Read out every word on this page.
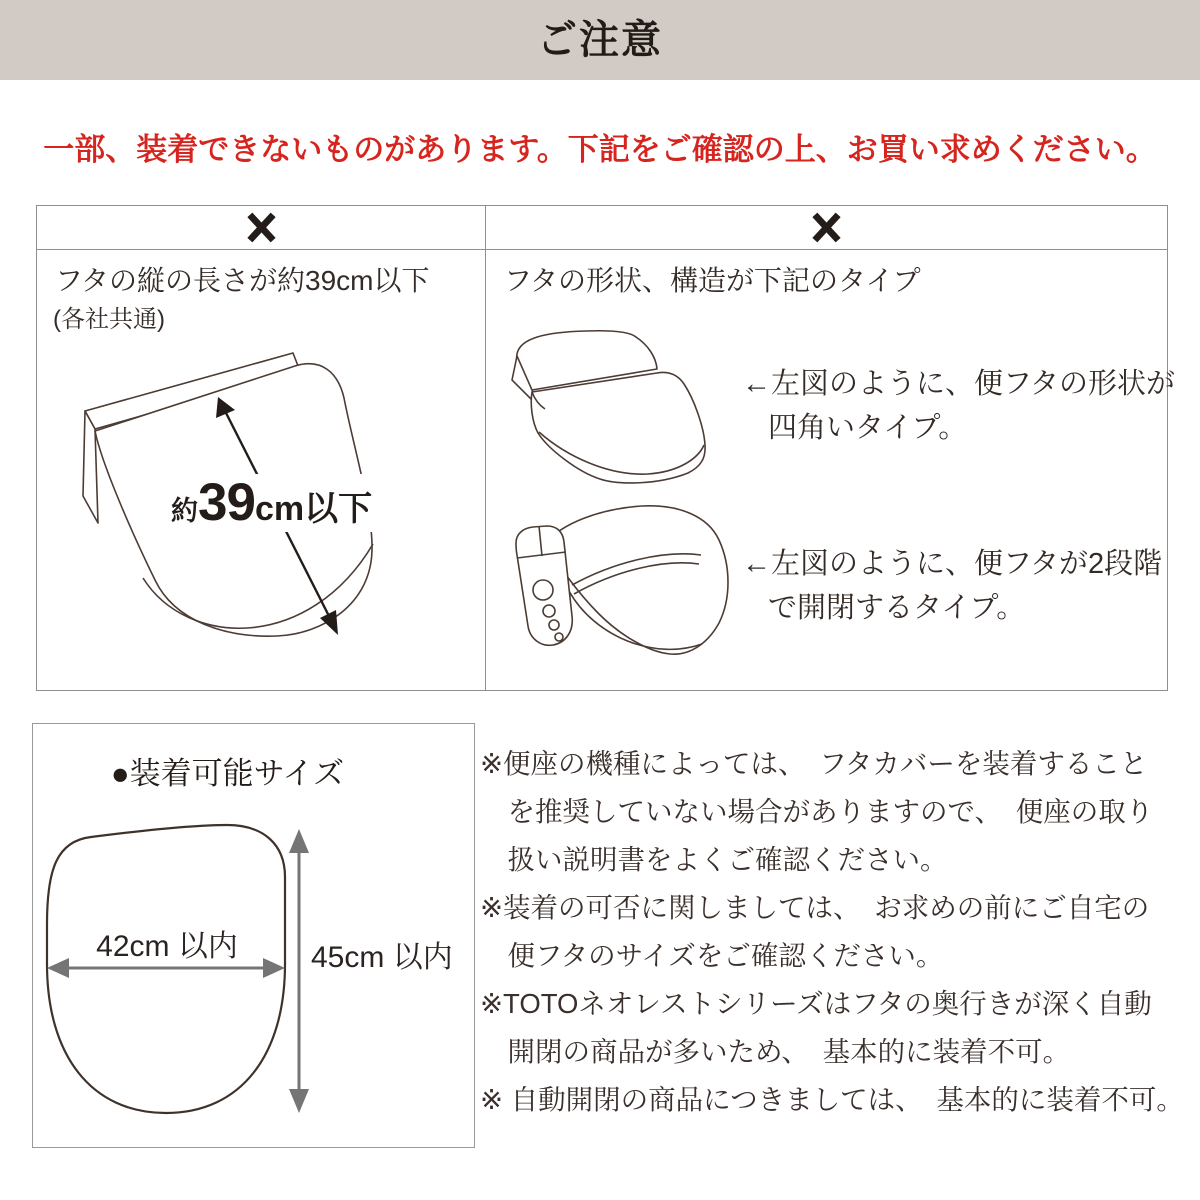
ご注意
一部、装着できないものがあります。下記をご確認の上、お買い求めください。
フタの縦の長さが約39cm以下
(各社共通)
約 39 cm以下
フタの形状、構造が下記のタイプ
←左図のように、便フタの形状が
四角いタイプ。
←左図のように、便フタが2段階
で開閉するタイプ。
●装着可能サイズ
42cm 以内 45cm 以内
※便座の機種によっては、　フタカバーを装着すること
を推奨していない場合がありますので、　便座の取り
扱い説明書をよくご確認ください。
※装着の可否に関しましては、　お求めの前にご自宅の
便フタのサイズをご確認ください。
※TOTOネオレストシリーズはフタの奥行きが深く自動
開閉の商品が多いため、　基本的に装着不可。
※ 自動開閉の商品につきましては、　基本的に装着不可。
